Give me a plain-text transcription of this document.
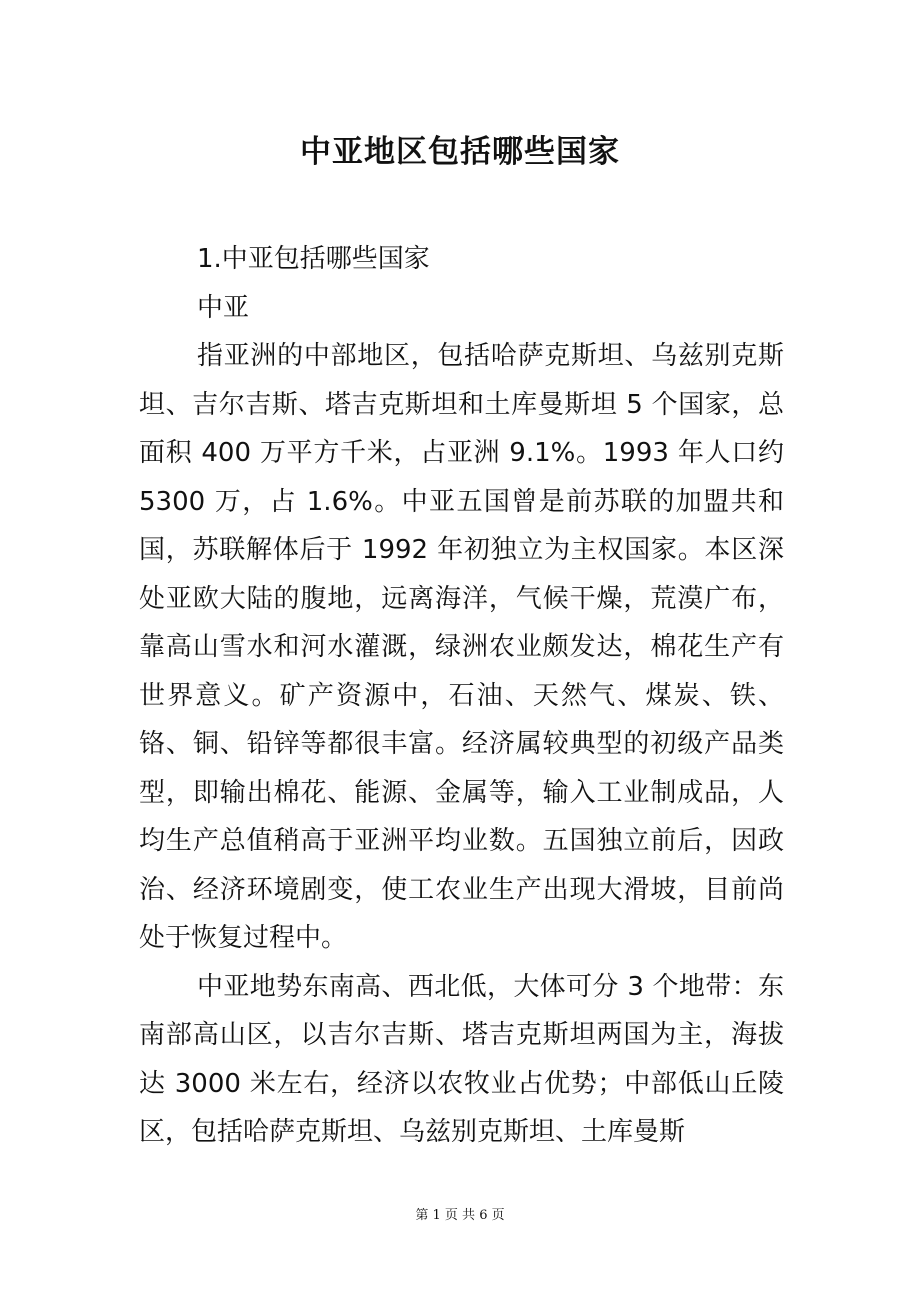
中亚地区包括哪些国家

1.中亚包括哪些国家

中亚

指亚洲的中部地区，包括哈萨克斯坦、乌兹别克斯坦、吉尔吉斯、塔吉克斯坦和土库曼斯坦 5 个国家，总面积 400 万平方千米，占亚洲 9.1%。1993 年人口约 5300 万，占 1.6%。中亚五国曾是前苏联的加盟共和国，苏联解体后于 1992 年初独立为主权国家。本区深处亚欧大陆的腹地，远离海洋，气候干燥，荒漠广布，靠高山雪水和河水灌溉，绿洲农业颇发达，棉花生产有世界意义。矿产资源中，石油、天然气、煤炭、铁、铬、铜、铅锌等都很丰富。经济属较典型的初级产品类型，即输出棉花、能源、金属等，输入工业制成品，人均生产总值稍高于亚洲平均业数。五国独立前后，因政治、经济环境剧变，使工农业生产出现大滑坡，目前尚处于恢复过程中。

中亚地势东南高、西北低，大体可分 3 个地带：东南部高山区，以吉尔吉斯、塔吉克斯坦两国为主，海拔达 3000 米左右，经济以农牧业占优势；中部低山丘陵区，包括哈萨克斯坦、乌兹别克斯坦、土库曼斯

第 1 页 共 6 页
